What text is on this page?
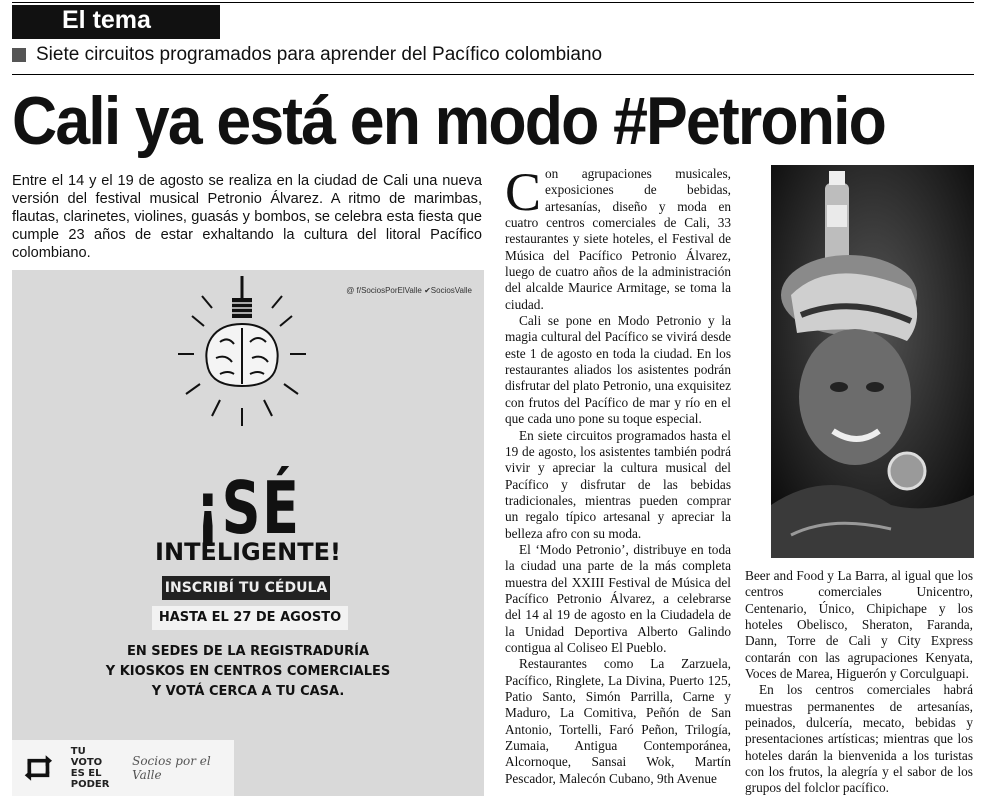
El tema
Siete circuitos programados para aprender del Pacífico colombiano
Cali ya está en modo #Petronio
Entre el 14 y el 19 de agosto se realiza en la ciudad de Cali una nueva versión del festival musical Petronio Álvarez. A ritmo de marimbas, flautas, clarinetes, violines, guasás y bombos, se celebra esta fiesta que cumple 23 años de estar exhaltando la cultura del litoral Pacífico colombiano.
@ f/SociosPorElValle ✔SociosValle
¡SÉ
INTELIGENTE!
INSCRIBÍ TU CÉDULA
HASTA EL 27 DE AGOSTO
EN SEDES DE LA REGISTRADURÍA
Y KIOSKOS EN CENTROS COMERCIALES
Y VOTÁ CERCA A TU CASA.
TU VOTO ES EL PODER
Socios por el Valle

C on agrupaciones musicales, exposiciones de bebidas, artesanías, diseño y moda en cuatro centros comerciales de Cali, 33 restaurantes y siete hoteles, el Festival de Música del Pacífico Petronio Álvarez, luego de cuatro años de la administración del alcalde Maurice Armitage, se toma la ciudad.

Cali se pone en Modo Petronio y la magia cultural del Pacífico se vivirá desde este 1 de agosto en toda la ciudad. En los restaurantes aliados los asistentes podrán disfrutar del plato Petronio, una exquisitez con frutos del Pacífico de mar y río en el que cada uno pone su toque especial.

En siete circuitos programados hasta el 19 de agosto, los asistentes también podrá vivir y apreciar la cultura musical del Pacífico y disfrutar de las bebidas tradicionales, mientras pueden comprar un regalo típico artesanal y apreciar la belleza afro con su moda.

El ‘Modo Petronio’, distribuye en toda la ciudad una parte de la más completa muestra del XXIII Festival de Música del Pacífico Petronio Álvarez, a celebrarse del 14 al 19 de agosto en la Ciudadela de la Unidad Deportiva Alberto Galindo contigua al Coliseo El Pueblo.

Restaurantes como La Zarzuela, Pacífico, Ringlete, La Divina, Puerto 125, Patio Santo, Simón Parrilla, Carne y Maduro, La Comitiva, Peñón de San Antonio, Tortelli, Faró Peñon, Trilogía, Zumaia, Antigua Contemporánea, Alcornoque, Sansai Wok, Martín Pescador, Malecón Cubano, 9th Avenue

Beer and Food y La Barra, al igual que los centros comerciales Unicentro, Centenario, Único, Chipichape y los hoteles Obelisco, Sheraton, Faranda, Dann, Torre de Cali y City Express contarán con las agrupaciones Kenyata, Voces de Marea, Higuerón y Corculguapi.

En los centros comerciales habrá muestras permanentes de artesanías, peinados, dulcería, mecato, bebidas y presentaciones artísticas; mientras que los hoteles darán la bienvenida a los turistas con los frutos, la alegría y el sabor de los grupos del folclor pacífico.
